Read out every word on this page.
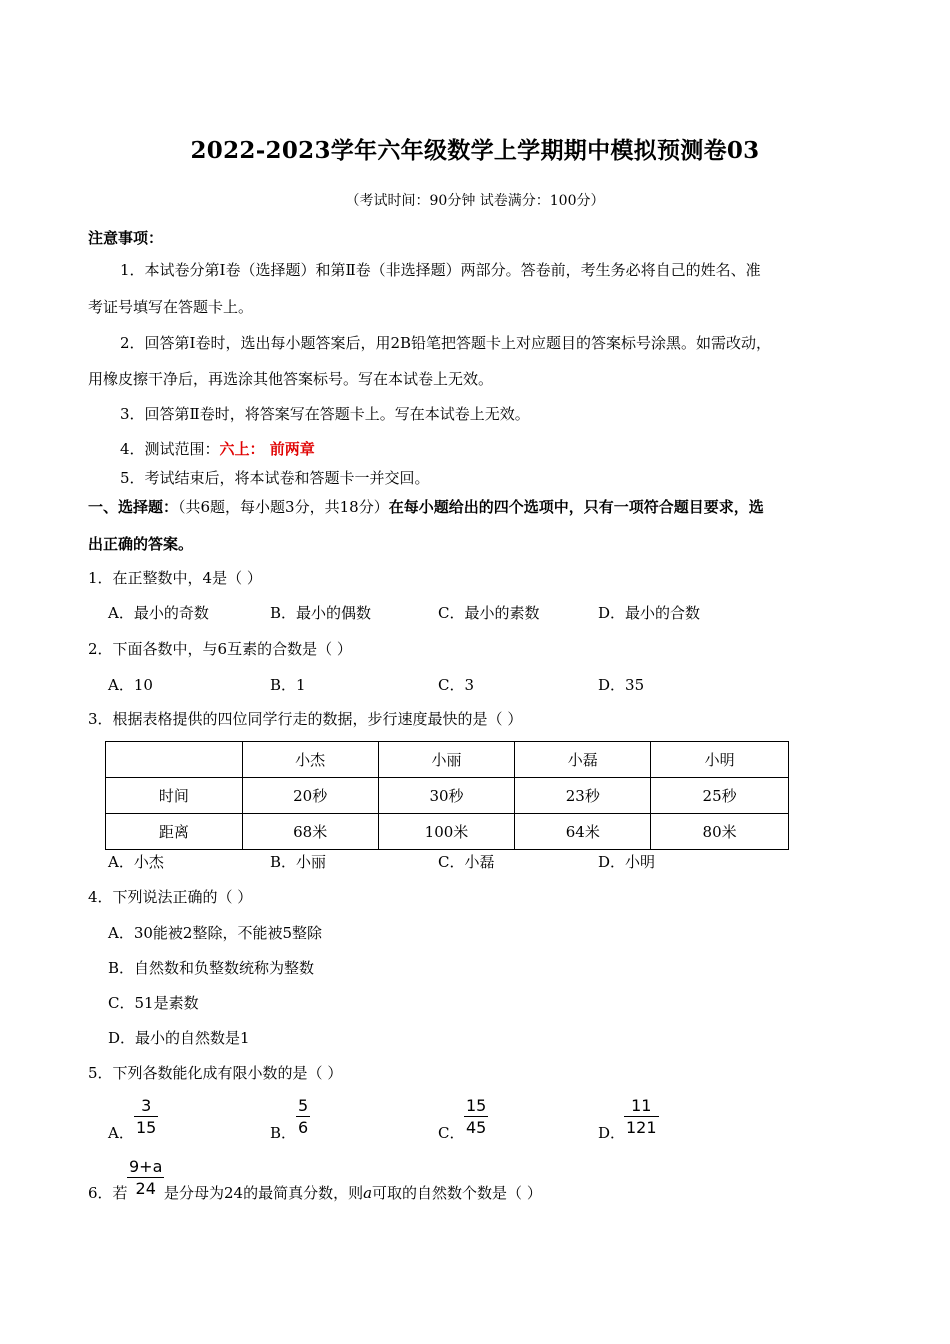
2022-2023学年六年级数学上学期期中模拟预测卷03
（考试时间：90分钟 试卷满分：100分）
注意事项：
1．本试卷分第Ⅰ卷（选择题）和第Ⅱ卷（非选择题）两部分。答卷前，考生务必将自己的姓名、准
考证号填写在答题卡上。
2．回答第Ⅰ卷时，选出每小题答案后，用2B铅笔把答题卡上对应题目的答案标号涂黑。如需改动，
用橡皮擦干净后，再选涂其他答案标号。写在本试卷上无效。
3．回答第Ⅱ卷时，将答案写在答题卡上。写在本试卷上无效。
4．测试范围：六上： 前两章
5．考试结束后，将本试卷和答题卡一并交回。
一、选择题：（共6题，每小题3分，共18分）在每小题给出的四个选项中，只有一项符合题目要求，选
出正确的答案。
1．在正整数中，4是（ ）
A．最小的奇数	B．最小的偶数	C．最小的素数	D．最小的合数
2．下面各数中，与6互素的合数是（ ）
A．10	B．1	C．3	D．35
3．根据表格提供的四位同学行走的数据，步行速度最快的是（ ）
	小杰	小丽	小磊	小明
时间	20秒	30秒	23秒	25秒
距离	68米	100米	64米	80米
A．小杰	B．小丽	C．小磊	D．小明
4．下列说法正确的（ ）
A．30能被2整除，不能被5整除
B．自然数和负整数统称为整数
C．51是素数
D．最小的自然数是1
5．下列各数能化成有限小数的是（ ）
A．
3
15	B．
5
6	C．
15
45	D．
11
121
6．若
9+a
24 是分母为24的最简真分数，则a可取的自然数个数是（ ）
